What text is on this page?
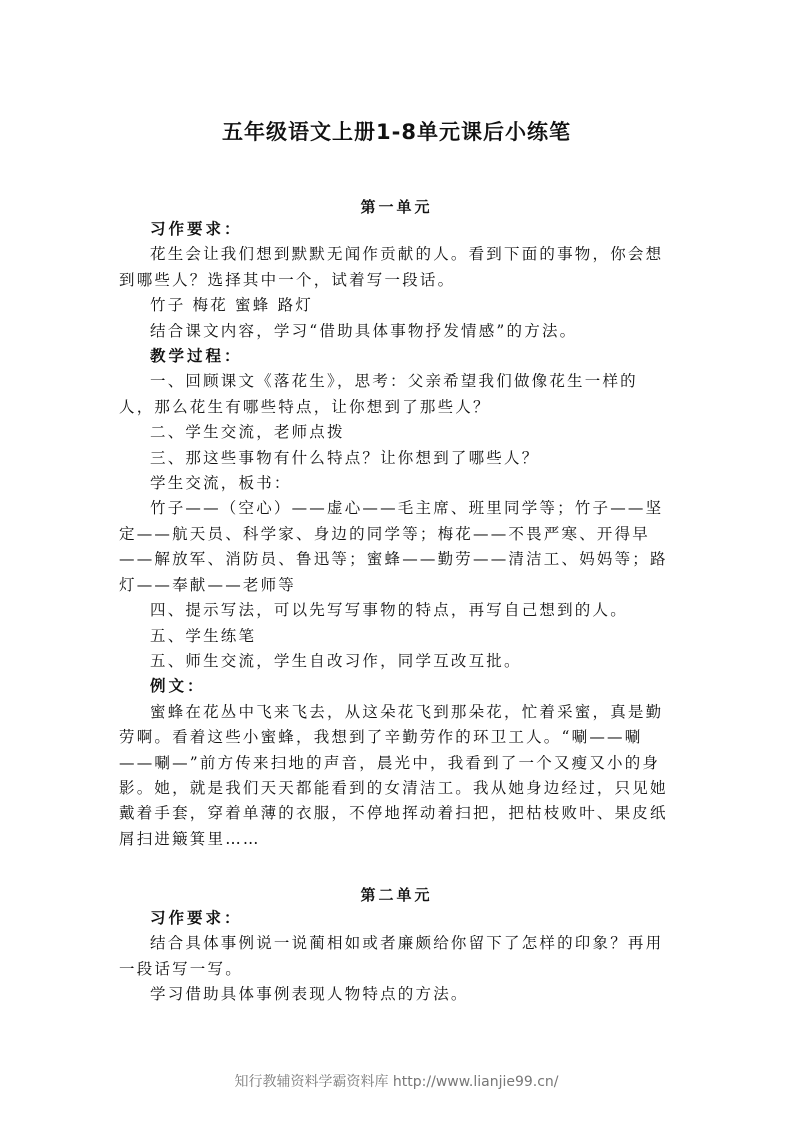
五年级语文上册1-8单元课后小练笔
第一单元

习作要求：

花生会让我们想到默默无闻作贡献的人。看到下面的事物，你会想到哪些人？选择其中一个，试着写一段话。

竹子 梅花 蜜蜂 路灯

结合课文内容，学习“借助具体事物抒发情感”的方法。

教学过程：

一、回顾课文《落花生》，思考：父亲希望我们做像花生一样的人，那么花生有哪些特点，让你想到了那些人？

二、学生交流，老师点拨

三、那这些事物有什么特点？让你想到了哪些人？

学生交流，板书：

竹子——（空心）——虚心——毛主席、班里同学等；竹子——坚定——航天员、科学家、身边的同学等；梅花——不畏严寒、开得早——解放军、消防员、鲁迅等；蜜蜂——勤劳——清洁工、妈妈等；路灯——奉献——老师等

四、提示写法，可以先写写事物的特点，再写自己想到的人。

五、学生练笔

五、师生交流，学生自改习作，同学互改互批。

例文：

蜜蜂在花丛中飞来飞去，从这朵花飞到那朵花，忙着采蜜，真是勤劳啊。看着这些小蜜蜂，我想到了辛勤劳作的环卫工人。“唰——唰——唰—”前方传来扫地的声音，晨光中，我看到了一个又瘦又小的身影。她，就是我们天天都能看到的女清洁工。我从她身边经过，只见她戴着手套，穿着单薄的衣服，不停地挥动着扫把，把枯枝败叶、果皮纸屑扫进簸箕里……

第二单元

习作要求：

结合具体事例说一说蔺相如或者廉颇给你留下了怎样的印象？再用一段话写一写。

学习借助具体事例表现人物特点的方法。

知行教辅资料学霸资料库 http://www.lianjie99.cn/
